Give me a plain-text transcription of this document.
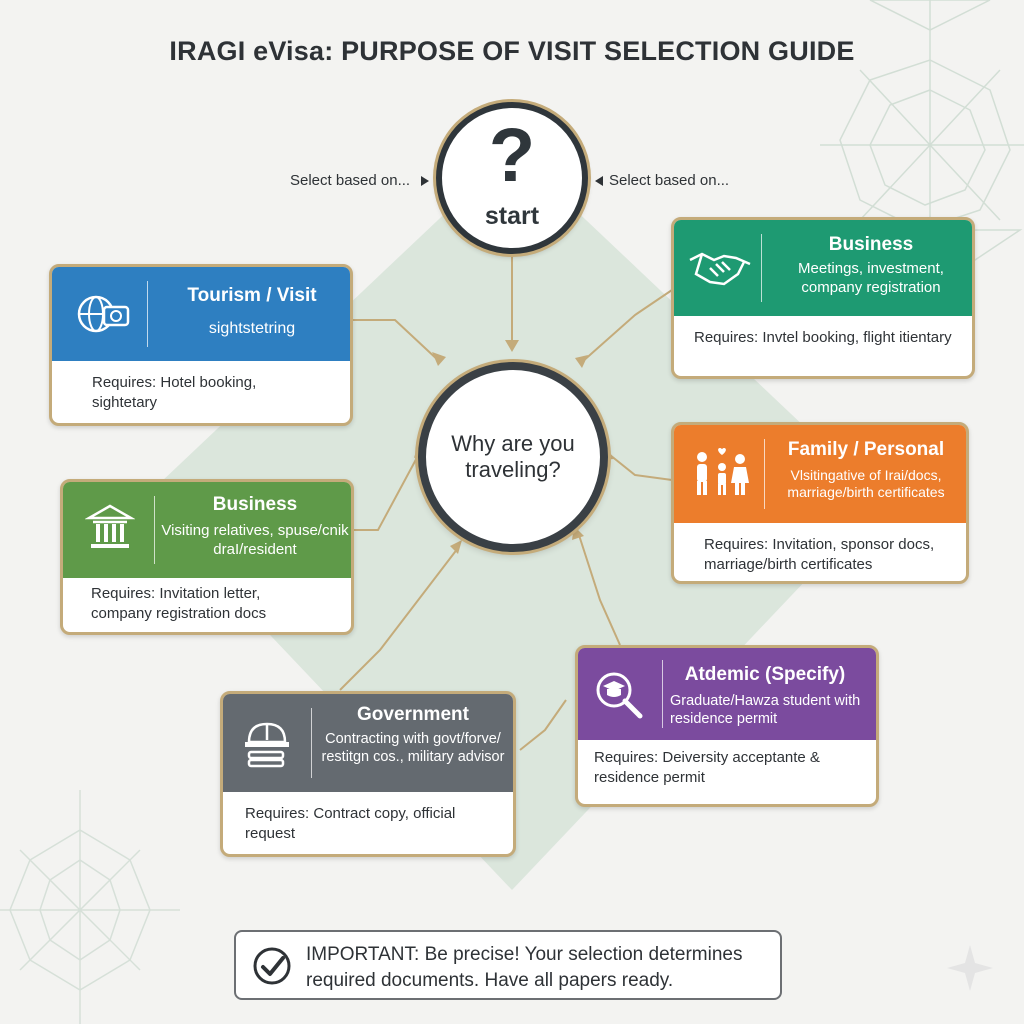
IRAGI eVisa: PURPOSE OF VISIT SELECTION GUIDE
Select based on...	Select based on...
?
start
Why are you traveling?
Tourism / Visit
sightstetring
Requires: Hotel booking, sightetary
Business
Meetings, investment, company registration
Requires: Invtel booking, flight itientary
Business
Visiting relatives, spuse/cnik draI/resident
Requires: Invitation letter, company registration docs
Family / Personal
Vlsitingative of Irai/docs, marriage/birth certificates
Requires: Invitation, sponsor docs, marriage/birth certificates
Government
Contracting with govt/forve/ restitgn cos., military advisor
Requires: Contract copy, official request
Atdemic (Specify)
Graduate/Hawza student with residence permit
Requires: Deiversity acceptante & residence permit
IMPORTANT: Be precise! Your selection determines required documents. Have all papers ready.
